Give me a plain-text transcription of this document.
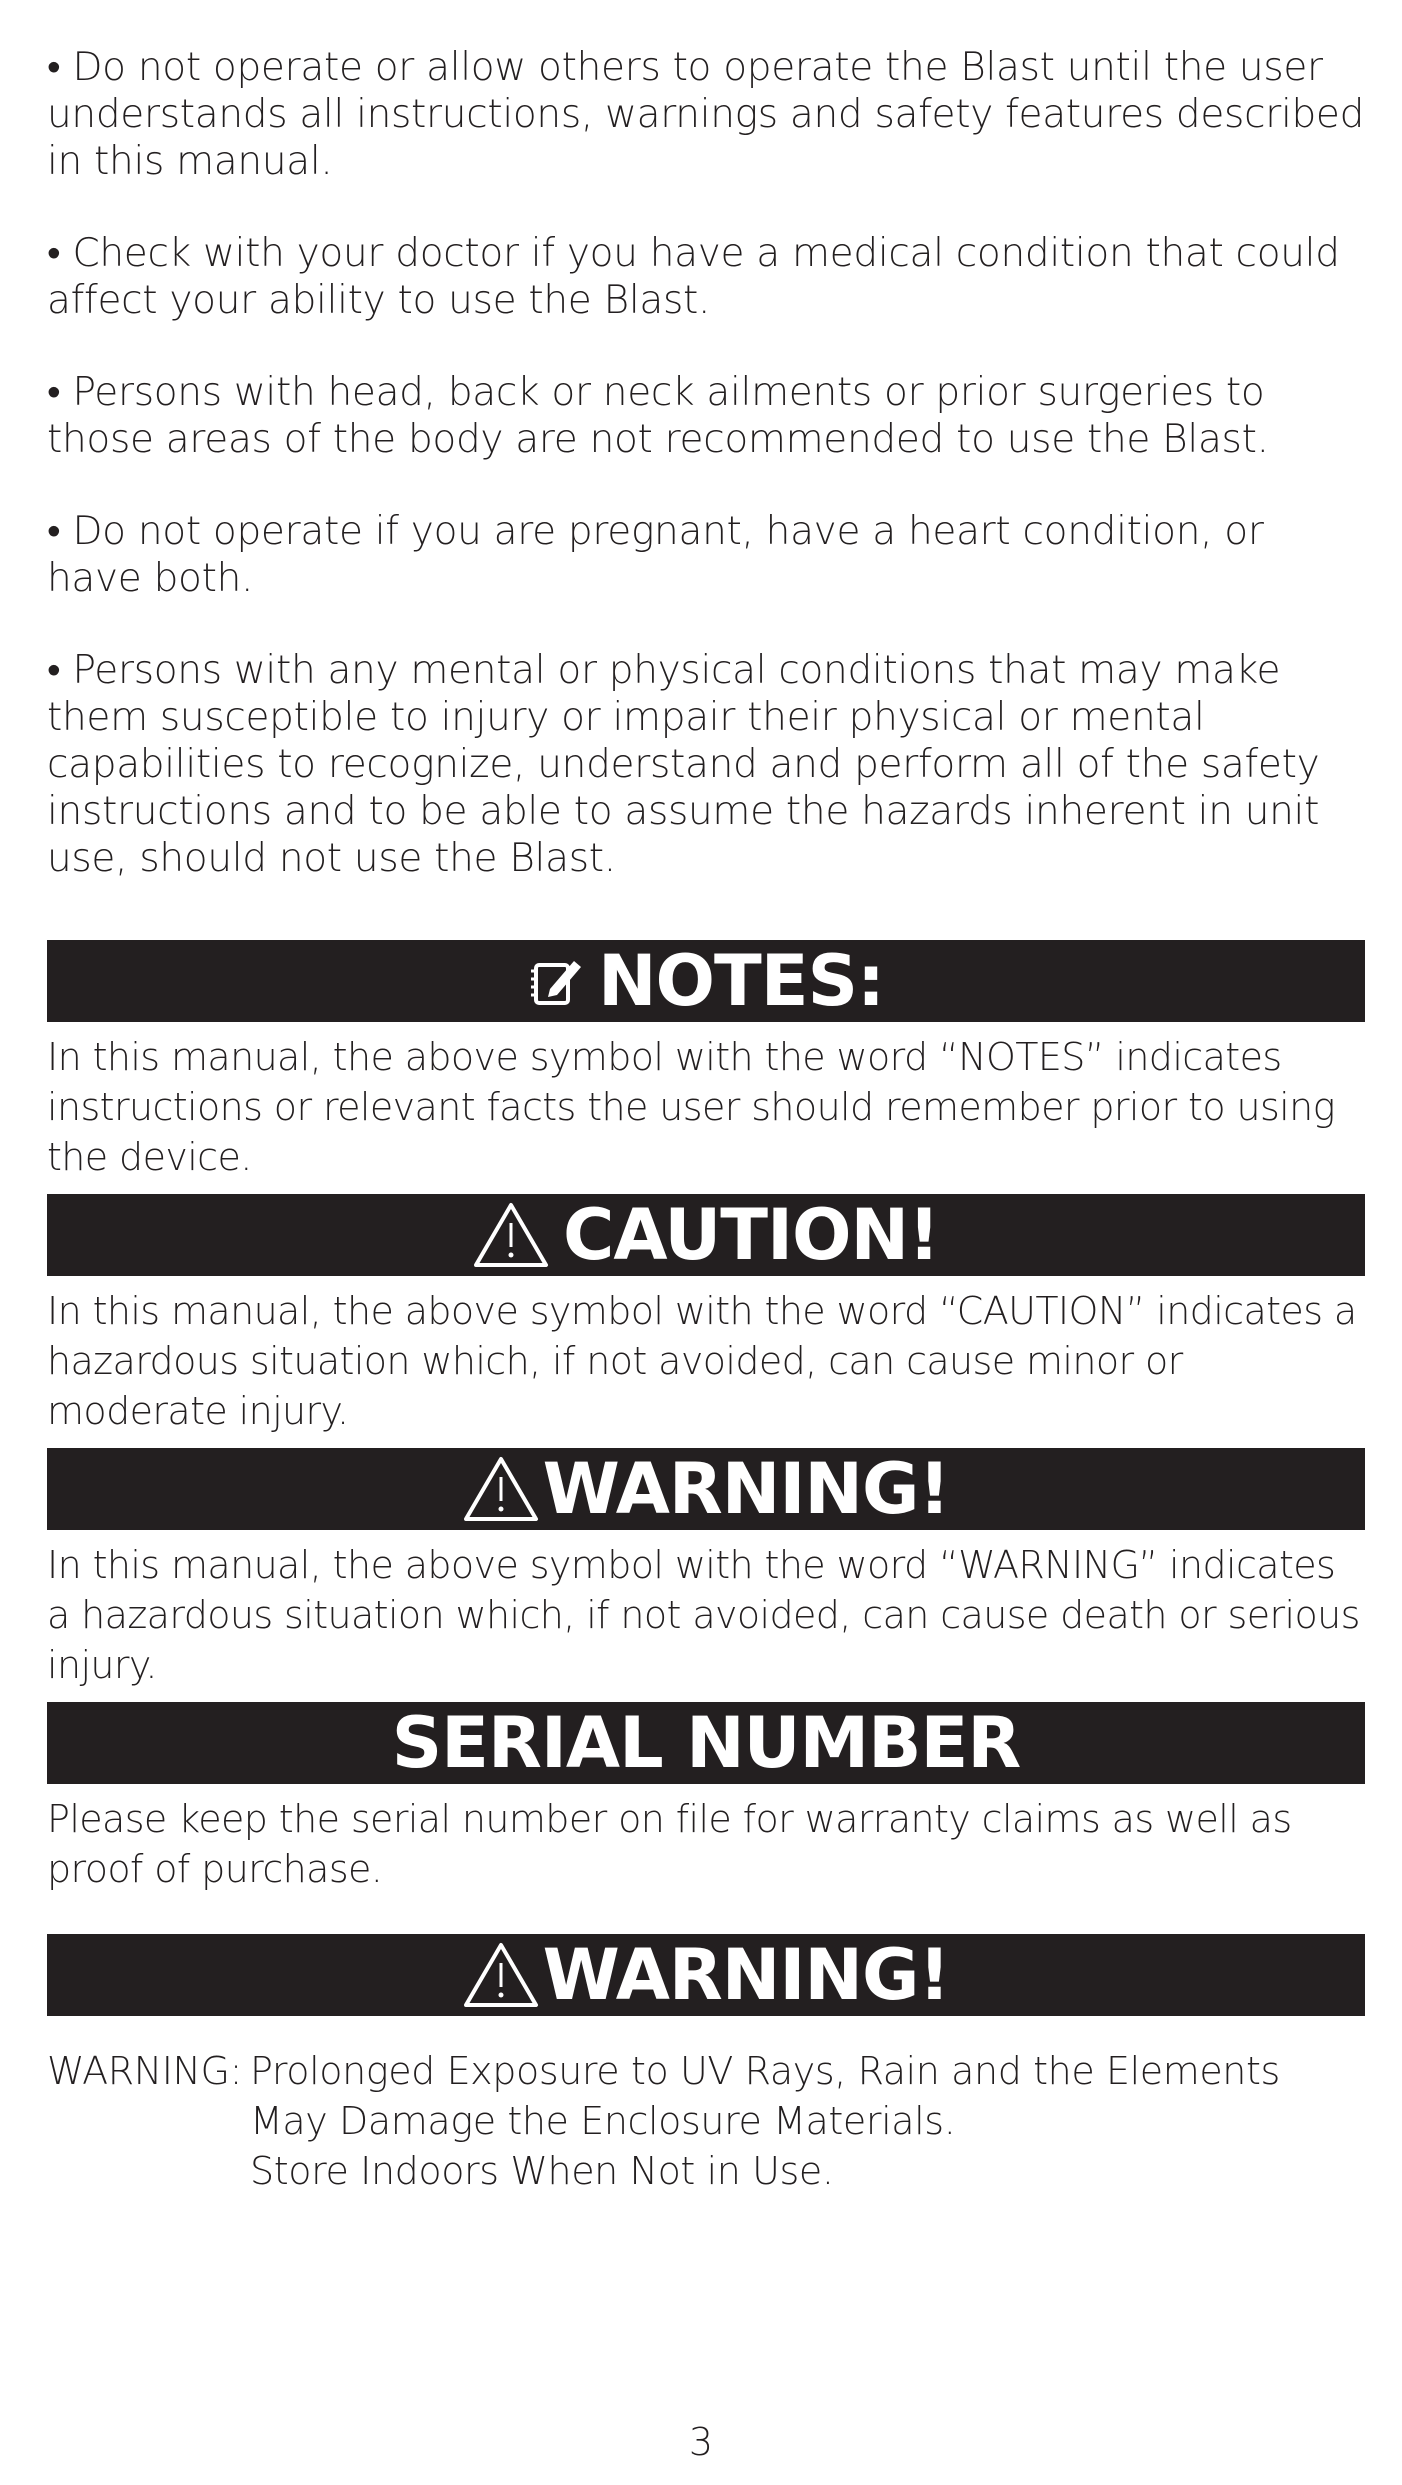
• Do not operate or allow others to operate the Blast until the user understands all instructions, warnings and safety features described in this manual.

• Check with your doctor if you have a medical condition that could affect your ability to use the Blast.

• Persons with head, back or neck ailments or prior surgeries to those areas of the body are not recommended to use the Blast.

• Do not operate if you are pregnant, have a heart condition, or have both.

• Persons with any mental or physical conditions that may make them susceptible to injury or impair their physical or mental capabilities to recognize, understand and perform all of the safety instructions and to be able to assume the hazards inherent in unit use, should not use the Blast.

NOTES:

In this manual, the above symbol with the word “NOTES” indicates instructions or relevant facts the user should remember prior to using the device.

CAUTION!

In this manual, the above symbol with the word “CAUTION” indicates a hazardous situation which, if not avoided, can cause minor or moderate injury.

WARNING!

In this manual, the above symbol with the word “WARNING” indicates a hazardous situation which, if not avoided, can cause death or serious injury.

SERIAL NUMBER

Please keep the serial number on file for warranty claims as well as proof of purchase.

WARNING!
WARNING: Prolonged Exposure to UV Rays, Rain and the Elements
May Damage the Enclosure Materials.
Store Indoors When Not in Use.
3
